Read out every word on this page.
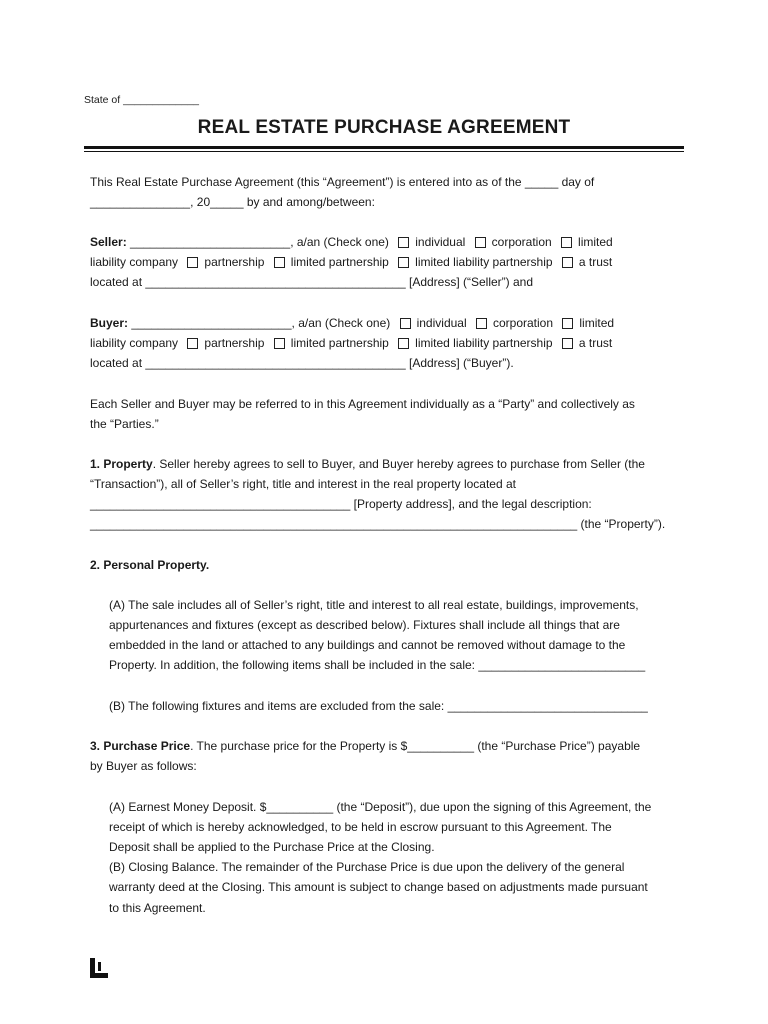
State of _____________
REAL ESTATE PURCHASE AGREEMENT
This Real Estate Purchase Agreement (this “Agreement”) is entered into as of the _____ day of
_______________, 20_____ by and among/between:
Seller: ________________________, a/an (Check one) individual corporation limited
liability company partnership limited partnership limited liability partnership a trust
located at _______________________________________ [Address] (“Seller”) and
Buyer: ________________________, a/an (Check one) individual corporation limited
liability company partnership limited partnership limited liability partnership a trust
located at _______________________________________ [Address] (“Buyer”).
Each Seller and Buyer may be referred to in this Agreement individually as a “Party” and collectively as
the “Parties.”
1. Property. Seller hereby agrees to sell to Buyer, and Buyer hereby agrees to purchase from Seller (the
“Transaction”), all of Seller’s right, title and interest in the real property located at
_______________________________________ [Property address], and the legal description:
_________________________________________________________________________ (the “Property”).
2. Personal Property.
(A) The sale includes all of Seller’s right, title and interest to all real estate, buildings, improvements,
appurtenances and fixtures (except as described below). Fixtures shall include all things that are
embedded in the land or attached to any buildings and cannot be removed without damage to the
Property. In addition, the following items shall be included in the sale: _________________________
(B) The following fixtures and items are excluded from the sale: ______________________________
3. Purchase Price. The purchase price for the Property is $__________ (the “Purchase Price”) payable
by Buyer as follows:
(A) Earnest Money Deposit. $__________ (the “Deposit”), due upon the signing of this Agreement, the
receipt of which is hereby acknowledged, to be held in escrow pursuant to this Agreement. The
Deposit shall be applied to the Purchase Price at the Closing.
(B) Closing Balance. The remainder of the Purchase Price is due upon the delivery of the general
warranty deed at the Closing. This amount is subject to change based on adjustments made pursuant
to this Agreement.
